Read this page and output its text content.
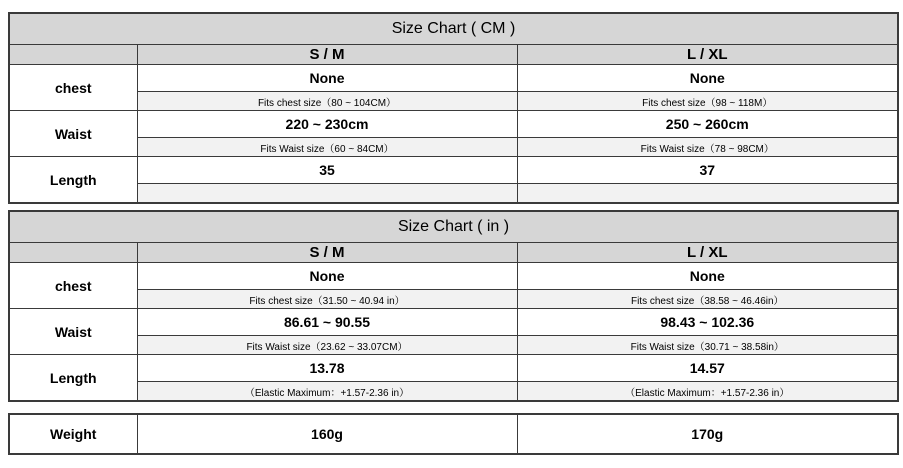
Size Chart ( CM )		
	S / M	L / XL
chest	None	None
	Fits chest size（80 ~ 104CM）	Fits chest size（98 ~ 118M）
Waist	220 ~ 230cm	250 ~ 260cm
	Fits Waist size（60 ~ 84CM）	Fits Waist size（78 ~ 98CM）
Length	35	37

Size Chart ( in )		
	S / M	L / XL
chest	None	None
	Fits chest size（31.50 ~ 40.94 in）	Fits chest size（38.58 ~ 46.46in）
Waist	86.61 ~ 90.55	98.43 ~ 102.36
	Fits Waist size（23.62 ~ 33.07CM）	Fits Waist size（30.71 ~ 38.58in）
Length	13.78	14.57
	（Elastic Maximum：+1.57-2.36 in）	（Elastic Maximum：+1.57-2.36 in）
Weight	160g	170g
